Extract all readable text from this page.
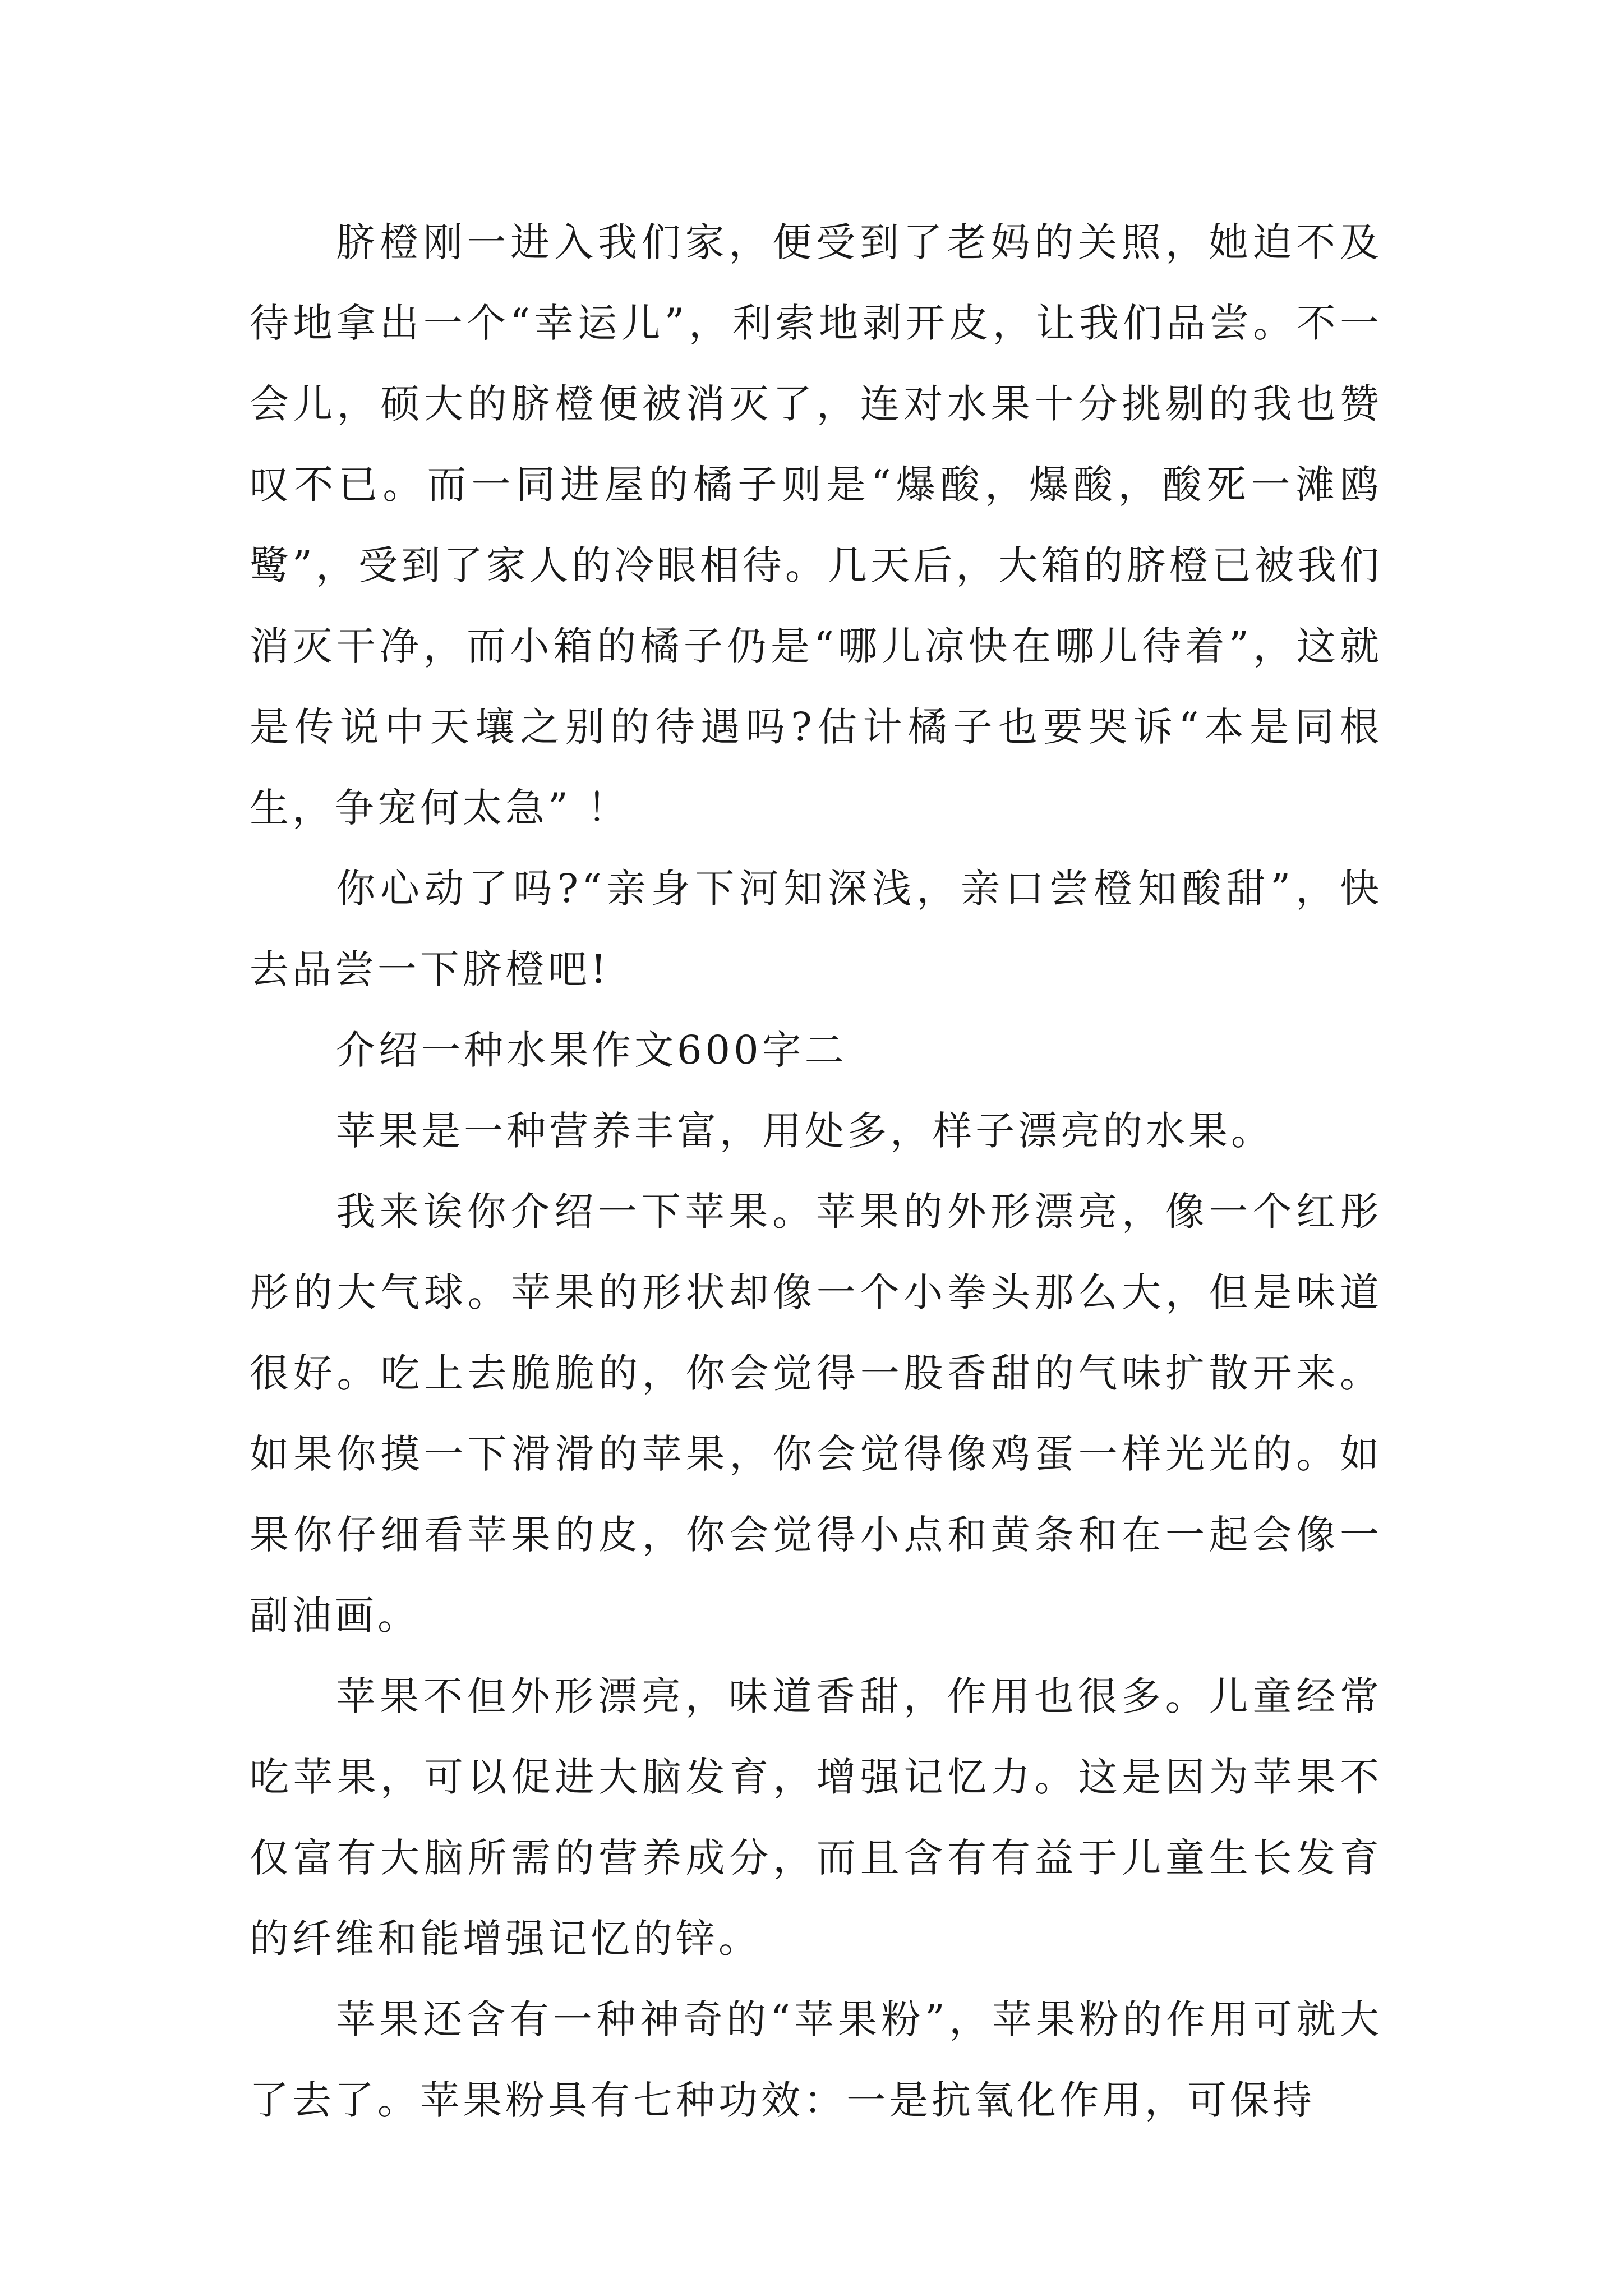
脐橙刚一进入我们家，便受到了老妈的关照，她迫不及待地拿出一个“幸运儿”，利索地剥开皮，让我们品尝。不一会儿，硕大的脐橙便被消灭了，连对水果十分挑剔的我也赞叹不已。而一同进屋的橘子则是“爆酸，爆酸，酸死一滩鸥鹭”，受到了家人的冷眼相待。几天后，大箱的脐橙已被我们消灭干净，而小箱的橘子仍是“哪儿凉快在哪儿待着”，这就是传说中天壤之别的待遇吗?估计橘子也要哭诉“本是同根生，争宠何太急” ！

你心动了吗?“亲身下河知深浅，亲口尝橙知酸甜”，快去品尝一下脐橙吧!

介绍一种水果作文600字二

苹果是一种营养丰富，用处多，样子漂亮的水果。

我来诶你介绍一下苹果。苹果的外形漂亮，像一个红彤彤的大气球。苹果的形状却像一个小拳头那么大，但是味道很好。吃上去脆脆的，你会觉得一股香甜的气味扩散开来。如果你摸一下滑滑的苹果，你会觉得像鸡蛋一样光光的。如果你仔细看苹果的皮，你会觉得小点和黄条和在一起会像一副油画。

苹果不但外形漂亮，味道香甜，作用也很多。儿童经常吃苹果，可以促进大脑发育，增强记忆力。这是因为苹果不仅富有大脑所需的营养成分，而且含有有益于儿童生长发育的纤维和能增强记忆的锌。

苹果还含有一种神奇的“苹果粉”，苹果粉的作用可就大了去了。苹果粉具有七种功效：一是抗氧化作用，可保持
